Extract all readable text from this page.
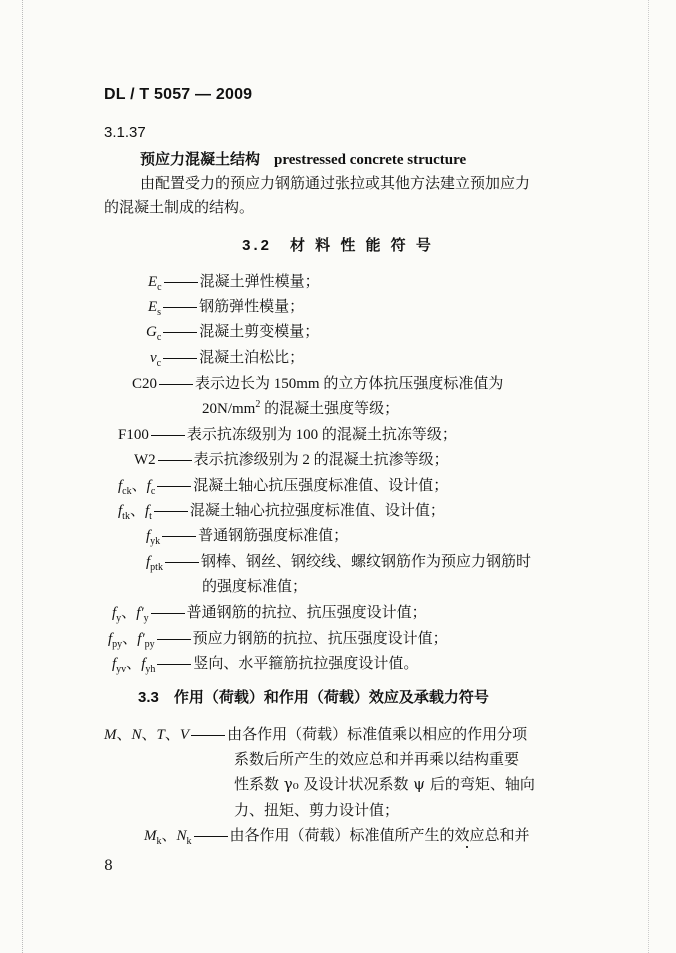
DL / T 5057 — 2009
3.1.37
预应力混凝土结构 prestressed concrete structure
由配置受力的预应力钢筋通过张拉或其他方法建立预加应力
的混凝土制成的结构。
3.2　材 料 性 能 符 号
$E_c$	混凝土弹性模量；
$E_s$	钢筋弹性模量；
$G_c$	混凝土剪变模量；
$\nu_c$	混凝土泊松比；
C20	表示边长为 150mm 的立方体抗压强度标准值为
$20N/mm^2$ 的混凝土强度等级；
F100	表示抗冻级别为 100 的混凝土抗冻等级；
W2	表示抗渗级别为 2 的混凝土抗渗等级；
$f_{ck}$、$f_c$	混凝土轴心抗压强度标准值、设计值；
$f_{tk}$、$f_t$	混凝土轴心抗拉强度标准值、设计值；
$f_{yk}$	普通钢筋强度标准值；
$f_{ptk}$	钢棒、钢丝、钢绞线、螺纹钢筋作为预应力钢筋时
的强度标准值；
$f_y$、$f'_y$	普通钢筋的抗拉、抗压强度设计值；
$f_{py}$、$f'_{py}$	预应力钢筋的抗拉、抗压强度设计值；
$f_{yv}$、$f_{yh}$	竖向、水平箍筋抗拉强度设计值。
3.3　作用（荷载）和作用（荷载）效应及承载力符号
M、N、T、V	由各作用（荷载）标准值乘以相应的作用分项
系数后所产生的效应总和并再乘以结构重要
性系数 γ₀ 及设计状况系数 ψ 后的弯矩、轴向
力、扭矩、剪力设计值；
$M_k$、$N_k$	由各作用（荷载）标准值所产生的效应总和并
8
